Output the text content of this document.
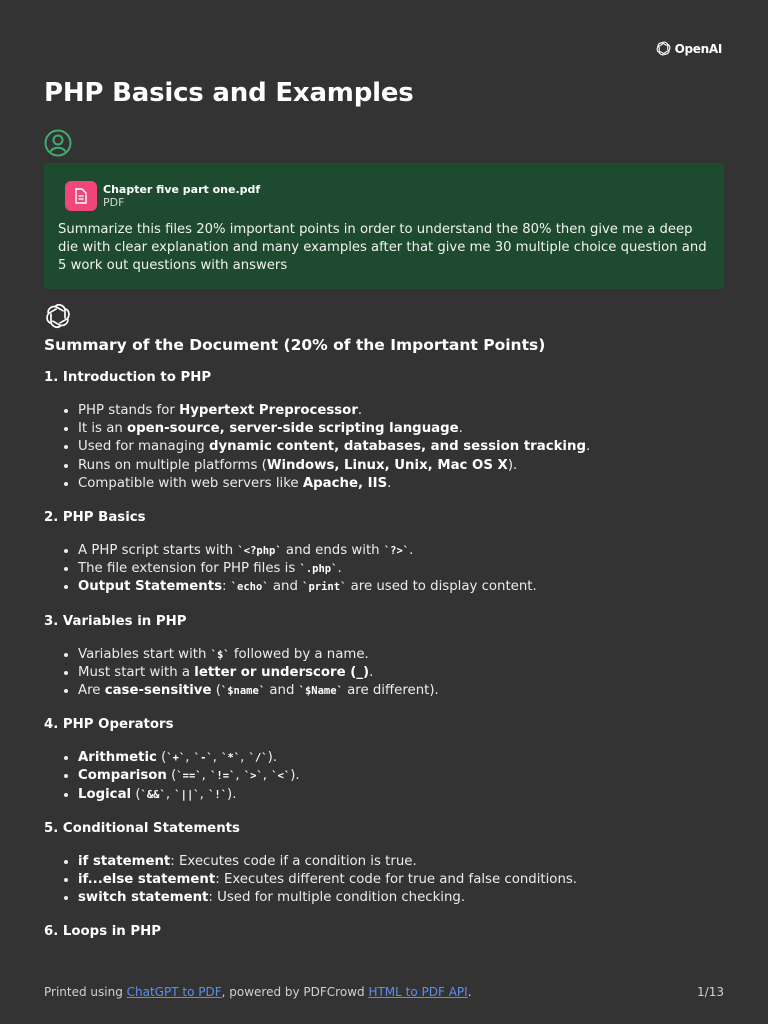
OpenAI
PHP Basics and Examples
Chapter five part one.pdf
PDF
Summarize this files 20% important points in order to understand the 80% then give me a deep die with clear explanation and many examples after that give me 30 multiple choice question and 5 work out questions with answers
Summary of the Document (20% of the Important Points)
1. Introduction to PHP
• PHP stands for Hypertext Preprocessor.
• It is an open-source, server-side scripting language.
• Used for managing dynamic content, databases, and session tracking.
• Runs on multiple platforms (Windows, Linux, Unix, Mac OS X).
• Compatible with web servers like Apache, IIS.
2. PHP Basics
• A PHP script starts with `<?php` and ends with `?>`.
• The file extension for PHP files is `.php`.
• Output Statements: `echo` and `print` are used to display content.
3. Variables in PHP
• Variables start with `$` followed by a name.
• Must start with a letter or underscore (_).
• Are case-sensitive (`$name` and `$Name` are different).
4. PHP Operators
• Arithmetic (`+`, `-`, `*`, `/`).
• Comparison (`==`, `!=`, `>`, `<`).
• Logical (`&&`, `||`, `!`).
5. Conditional Statements
• if statement: Executes code if a condition is true.
• if...else statement: Executes different code for true and false conditions.
• switch statement: Used for multiple condition checking.
6. Loops in PHP
Printed using ChatGPT to PDF, powered by PDFCrowd HTML to PDF API.	1/13
